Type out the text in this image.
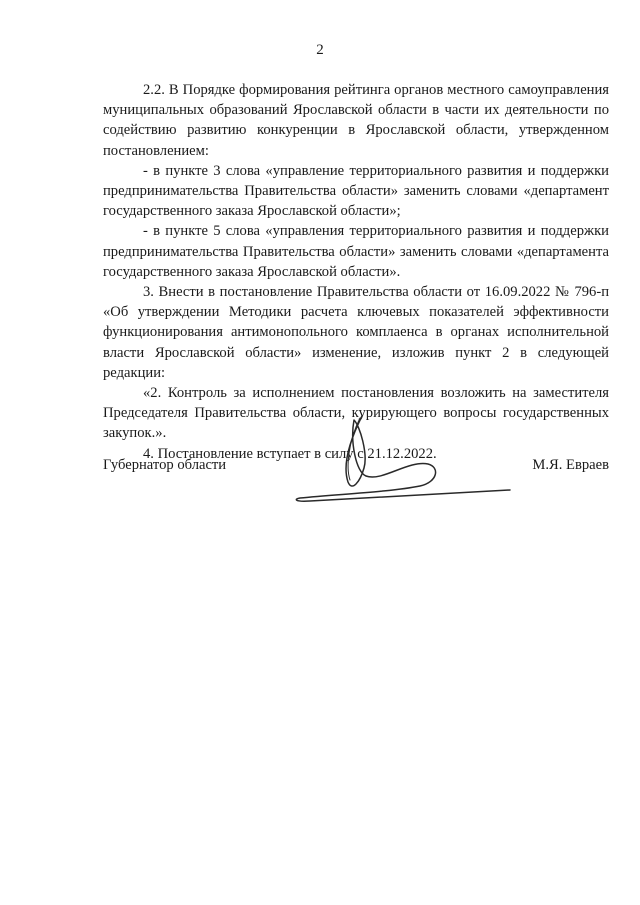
2

2.2. В Порядке формирования рейтинга органов местного самоуправления муниципальных образований Ярославской области в части их деятельности по содействию развитию конкуренции в Ярославской области, утвержденном постановлением:

- в пункте 3 слова «управление территориального развития и поддержки предпринимательства Правительства области» заменить словами «департамент государственного заказа Ярославской области»;

- в пункте 5 слова «управления территориального развития и поддержки предпринимательства Правительства области» заменить словами «департамента государственного заказа Ярославской области».

3. Внести в постановление Правительства области от 16.09.2022 № 796-п «Об утверждении Методики расчета ключевых показателей эффективности функционирования антимонопольного комплаенса в органах исполнительной власти Ярославской области» изменение, изложив пункт 2 в следующей редакции:

«2. Контроль за исполнением постановления возложить на заместителя Председателя Правительства области, курирующего вопросы государственных закупок.».

4. Постановление вступает в силу с 21.12.2022.

Губернатор области	М.Я. Евраев
